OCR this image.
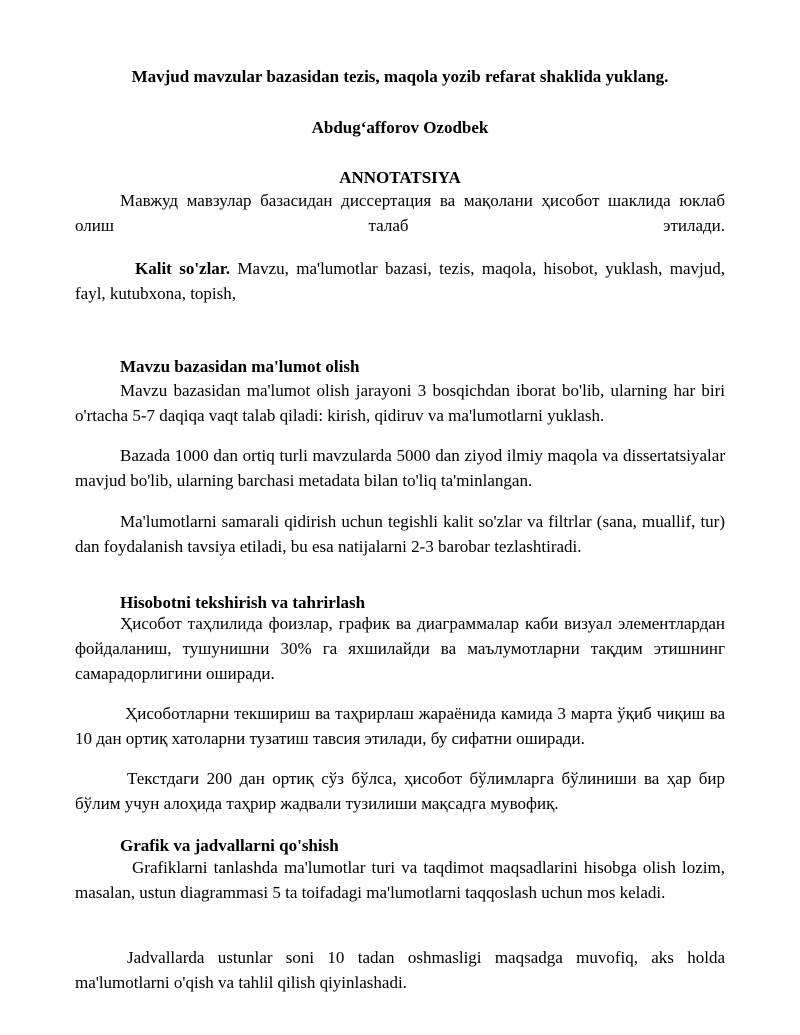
Mavjud mavzular bazasidan tezis, maqola yozib refarat shaklida yuklang.

Abdug‘afforov Ozodbek

ANNOTATSIYA

Мавжуд мавзулар базасидан диссертация ва мақолани ҳисобот шаклида юклаб олиш талаб этилади.

Kalit so'zlar. Mavzu, ma'lumotlar bazasi, tezis, maqola, hisobot, yuklash, mavjud, fayl, kutubxona, topish,

Mavzu bazasidan ma'lumot olish

Mavzu bazasidan ma'lumot olish jarayoni 3 bosqichdan iborat bo'lib, ularning har biri o'rtacha 5-7 daqiqa vaqt talab qiladi: kirish, qidiruv va ma'lumotlarni yuklash.

Bazada 1000 dan ortiq turli mavzularda 5000 dan ziyod ilmiy maqola va dissertatsiyalar mavjud bo'lib, ularning barchasi metadata bilan to'liq ta'minlangan.

Ma'lumotlarni samarali qidirish uchun tegishli kalit so'zlar va filtrlar (sana, muallif, tur) dan foydalanish tavsiya etiladi, bu esa natijalarni 2-3 barobar tezlashtiradi.

Hisobotni tekshirish va tahrirlash

Ҳисобот таҳлилида фоизлар, график ва диаграммалар каби визуал элементлардан фойдаланиш, тушунишни 30% га яхшилайди ва маълумотларни тақдим этишнинг самарадорлигини оширади.

Ҳисоботларни текшириш ва таҳрирлаш жараёнида камида 3 марта ўқиб чиқиш ва 10 дан ортиқ хатоларни тузатиш тавсия этилади, бу сифатни оширади.

Текстдаги 200 дан ортиқ сўз бўлса, ҳисобот бўлимларга бўлиниши ва ҳар бир бўлим учун алоҳида таҳрир жадвали тузилиши мақсадга мувофиқ.

Grafik va jadvallarni qo'shish

Grafiklarni tanlashda ma'lumotlar turi va taqdimot maqsadlarini hisobga olish lozim, masalan, ustun diagrammasi 5 ta toifadagi ma'lumotlarni taqqoslash uchun mos keladi.

Jadvallarda ustunlar soni 10 tadan oshmasligi maqsadga muvofiq, aks holda ma'lumotlarni o'qish va tahlil qilish qiyinlashadi.
